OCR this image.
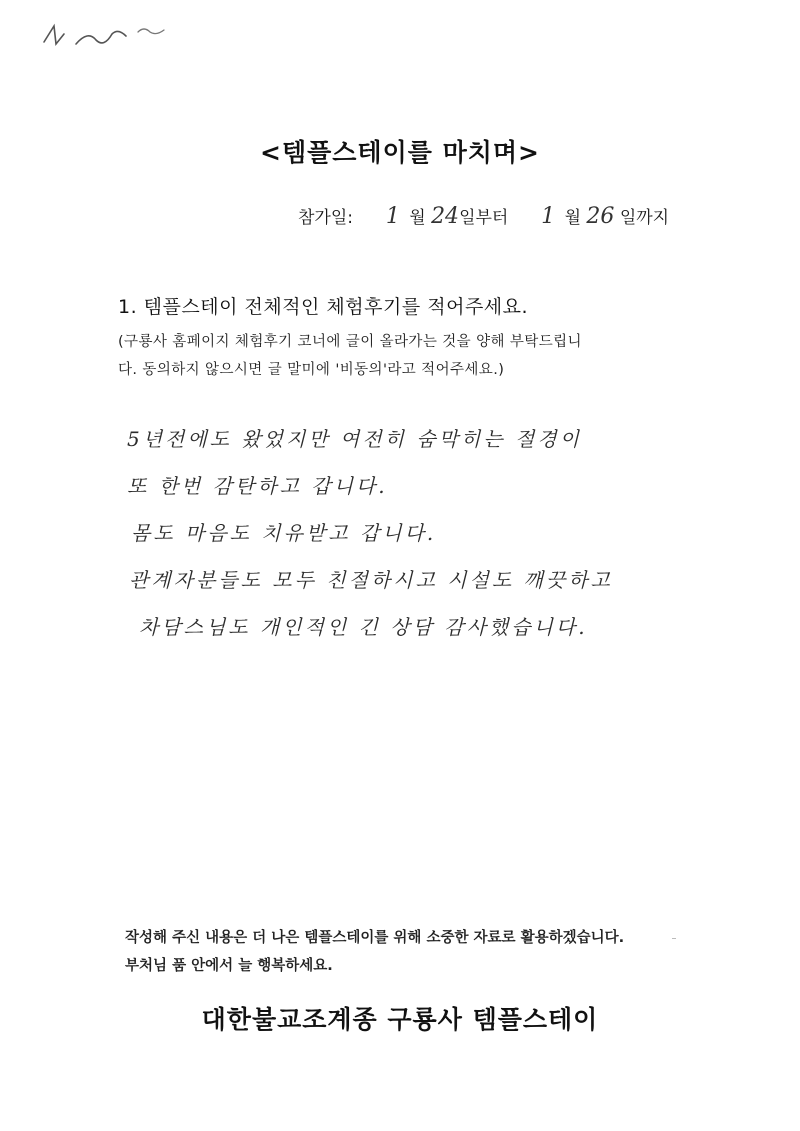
<템플스테이를 마치며>
참가일: 1 월 24일부터 1 월 26 일까지
1. 템플스테이 전체적인 체험후기를 적어주세요.
(구룡사 홈페이지 체험후기 코너에 글이 올라가는 것을 양해 부탁드립니
다. 동의하지 않으시면 글 말미에 '비동의'라고 적어주세요.)
5년전에도 왔었지만 여전히 숨막히는 절경이
또 한번 감탄하고 갑니다.
몸도 마음도 치유받고 갑니다.
관계자분들도 모두 친절하시고 시설도 깨끗하고
차담스님도 개인적인 긴 상담 감사했습니다.
작성해 주신 내용은 더 나은 템플스테이를 위해 소중한 자료로 활용하겠습니다.
부처님 품 안에서 늘 행복하세요.
대한불교조계종 구룡사 템플스테이
